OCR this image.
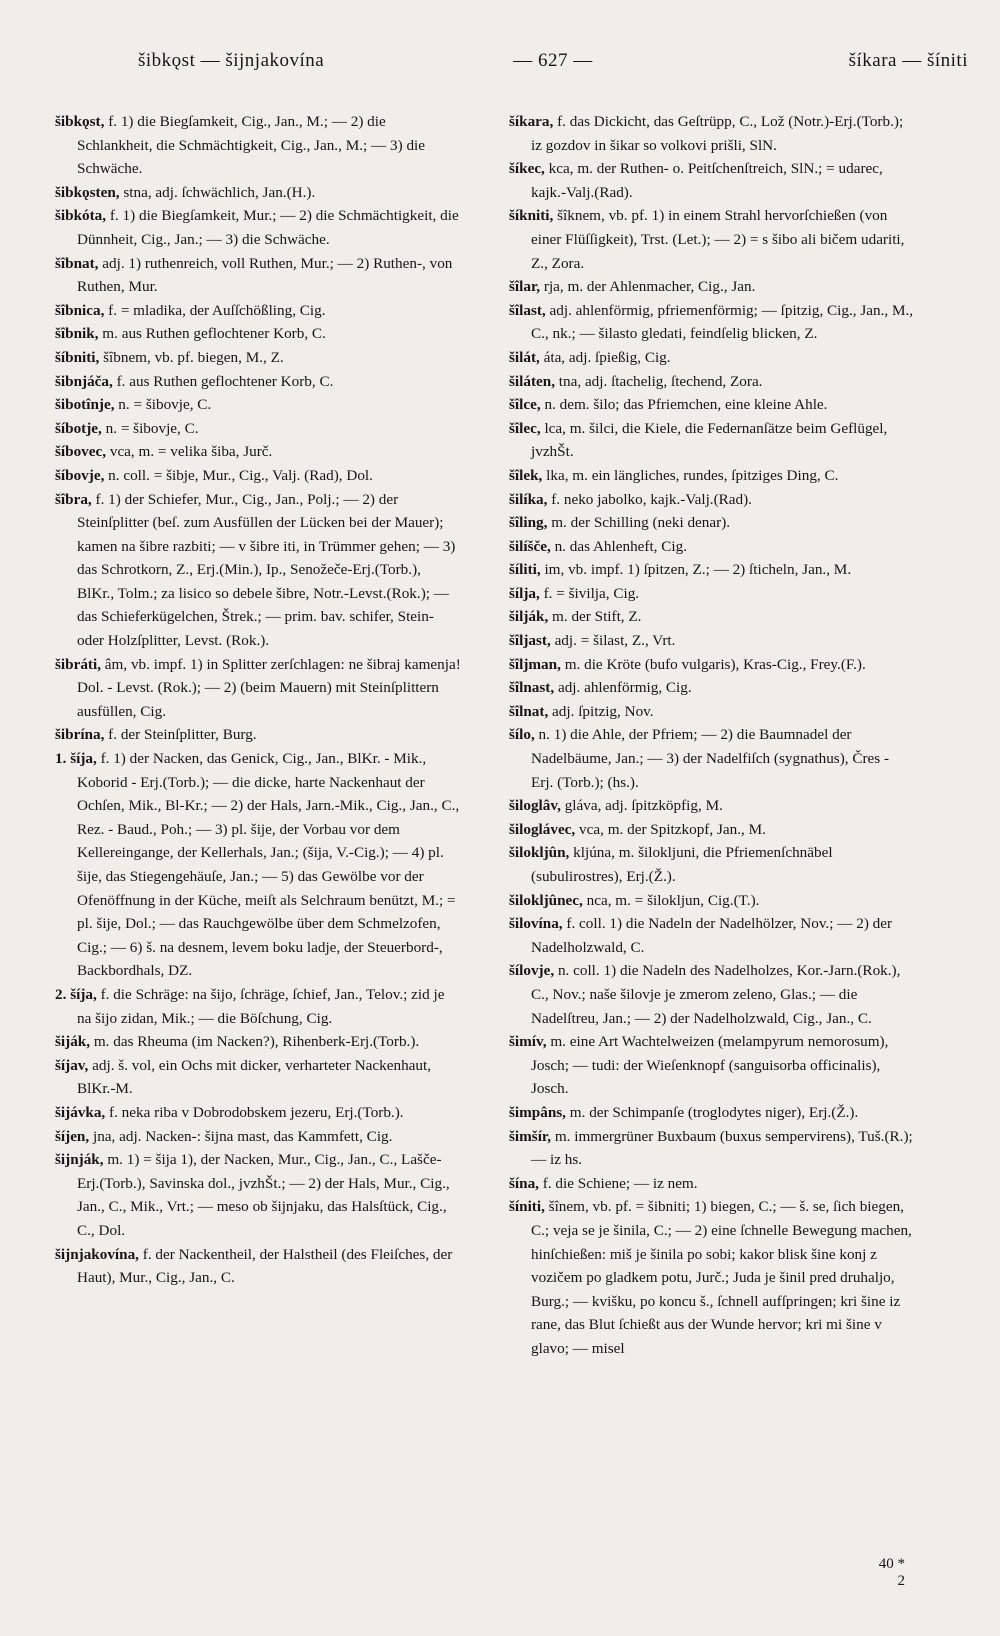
šibkǫst — šijnjakovína	— 627 —	šíkara — šíniti

šibkǫst, f. 1) die Biegſamkeit, Cig., Jan., M.; — 2) die Schlankheit, die Schmächtigkeit, Cig., Jan., M.; — 3) die Schwäche.

šibkǫsten, stna, adj. ſchwächlich, Jan.(H.).

šibkóta, f. 1) die Biegſamkeit, Mur.; — 2) die Schmächtigkeit, die Dünnheit, Cig., Jan.; — 3) die Schwäche.

šîbnat, adj. 1) ruthenreich, voll Ruthen, Mur.; — 2) Ruthen-, von Ruthen, Mur.

šîbnica, f. = mladika, der Auſſchößling, Cig.

šîbnik, m. aus Ruthen geflochtener Korb, C.

šíbniti, šîbnem, vb. pf. biegen, M., Z.

šibnjáča, f. aus Ruthen geflochtener Korb, C.

šibotînje, n. = šibovje, C.

šíbotje, n. = šibovje, C.

šíbovec, vca, m. = velika šiba, Jurč.

šíbovje, n. coll. = šibje, Mur., Cig., Valj. (Rad), Dol.

šîbra, f. 1) der Schiefer, Mur., Cig., Jan., Polj.; — 2) der Steinſplitter (beſ. zum Ausfüllen der Lücken bei der Mauer); kamen na šibre razbiti; — v šibre iti, in Trümmer gehen; — 3) das Schrotkorn, Z., Erj.(Min.), Ip., Senožeče-Erj.(Torb.), BlKr., Tolm.; za lisico so debele šibre, Notr.-Levst.(Rok.); — das Schieferkügelchen, Štrek.; — prim. bav. schifer, Stein- oder Holzſplitter, Levst. (Rok.).

šibráti, âm, vb. impf. 1) in Splitter zerſchlagen: ne šibraj kamenja! Dol. - Levst. (Rok.); — 2) (beim Mauern) mit Steinſplittern ausfüllen, Cig.

šibrína, f. der Steinſplitter, Burg.

1. šíja, f. 1) der Nacken, das Genick, Cig., Jan., BlKr. - Mik., Koborid - Erj.(Torb.); — die dicke, harte Nackenhaut der Ochſen, Mik., Bl-Kr.; — 2) der Hals, Jarn.-Mik., Cig., Jan., C., Rez. - Baud., Poh.; — 3) pl. šije, der Vorbau vor dem Kellereingange, der Kellerhals, Jan.; (šija, V.-Cig.); — 4) pl. šije, das Stiegengehäuſe, Jan.; — 5) das Gewölbe vor der Ofenöffnung in der Küche, meiſt als Selchraum benützt, M.; = pl. šije, Dol.; — das Rauchgewölbe über dem Schmelzofen, Cig.; — 6) š. na desnem, levem boku ladje, der Steuerbord-, Backbordhals, DZ.

2. šíja, f. die Schräge: na šijo, ſchräge, ſchief, Jan., Telov.; zid je na šijo zidan, Mik.; — die Böſchung, Cig.

šiják, m. das Rheuma (im Nacken?), Rihenberk-Erj.(Torb.).

šíjav, adj. š. vol, ein Ochs mit dicker, verharteter Nackenhaut, BlKr.-M.

šijávka, f. neka riba v Dobrodobskem jezeru, Erj.(Torb.).

šíjen, jna, adj. Nacken-: šijna mast, das Kammfett, Cig.

šijnják, m. 1) = šija 1), der Nacken, Mur., Cig., Jan., C., Lašče-Erj.(Torb.), Savinska dol., jvzhŠt.; — 2) der Hals, Mur., Cig., Jan., C., Mik., Vrt.; — meso ob šijnjaku, das Halsſtück, Cig., C., Dol.

šijnjakovína, f. der Nackentheil, der Halstheil (des Fleiſches, der Haut), Mur., Cig., Jan., C.

šíkara, f. das Dickicht, das Geſtrüpp, C., Lož (Notr.)-Erj.(Torb.); iz gozdov in šikar so volkovi prišli, SlN.

šíkec, kca, m. der Ruthen- o. Peitſchenſtreich, SlN.; = udarec, kajk.-Valj.(Rad).

šíkniti, šîknem, vb. pf. 1) in einem Strahl hervorſchießen (von einer Flüſſigkeit), Trst. (Let.); — 2) = s šibo ali bičem udariti, Z., Zora.

šîlar, rja, m. der Ahlenmacher, Cig., Jan.

šîlast, adj. ahlenförmig, pfriemenförmig; — ſpitzig, Cig., Jan., M., C., nk.; — šilasto gledati, feindſelig blicken, Z.

šilát, áta, adj. ſpießig, Cig.

šiláten, tna, adj. ſtachelig, ſtechend, Zora.

šîlce, n. dem. šilo; das Pfriemchen, eine kleine Ahle.

šîlec, lca, m. šilci, die Kiele, die Federnanſätze beim Geflügel, jvzhŠt.

šîlek, lka, m. ein längliches, rundes, ſpitziges Ding, C.

šilíka, f. neko jabolko, kajk.-Valj.(Rad).

šîling, m. der Schilling (neki denar).

šilíšče, n. das Ahlenheft, Cig.

šíliti, im, vb. impf. 1) ſpitzen, Z.; — 2) ſticheln, Jan., M.

šílja, f. = šivilja, Cig.

šilják, m. der Stift, Z.

šîljast, adj. = šilast, Z., Vrt.

šîljman, m. die Kröte (bufo vulgaris), Kras-Cig., Frey.(F.).

šîlnast, adj. ahlenförmig, Cig.

šîlnat, adj. ſpitzig, Nov.

šílo, n. 1) die Ahle, der Pfriem; — 2) die Baumnadel der Nadelbäume, Jan.; — 3) der Nadelfiſch (sygnathus), Čres - Erj. (Torb.); (hs.).

šiloglâv, gláva, adj. ſpitzköpfig, M.

šiloglávec, vca, m. der Spitzkopf, Jan., M.

šilokljûn, kljúna, m. šilokljuni, die Pfriemenſchnäbel (subulirostres), Erj.(Ž.).

šilokljûnec, nca, m. = šilokljun, Cig.(T.).

šilovína, f. coll. 1) die Nadeln der Nadelhölzer, Nov.; — 2) der Nadelholzwald, C.

šílovje, n. coll. 1) die Nadeln des Nadelholzes, Kor.-Jarn.(Rok.), C., Nov.; naše šilovje je zmerom zeleno, Glas.; — die Nadelſtreu, Jan.; — 2) der Nadelholzwald, Cig., Jan., C.

šimív, m. eine Art Wachtelweizen (melampyrum nemorosum), Josch; — tudi: der Wieſenknopf (sanguisorba officinalis), Josch.

šimpâns, m. der Schimpanſe (troglodytes niger), Erj.(Ž.).

šimšír, m. immergrüner Buxbaum (buxus sempervirens), Tuš.(R.); — iz hs.

šína, f. die Schiene; — iz nem.

šíniti, šînem, vb. pf. = šibniti; 1) biegen, C.; — š. se, ſich biegen, C.; veja se je šinila, C.; — 2) eine ſchnelle Bewegung machen, hinſchießen: miš je šinila po sobi; kakor blisk šine konj z vozičem po gladkem potu, Jurč.; Juda je šinil pred druhaljo, Burg.; — kvišku, po koncu š., ſchnell aufſpringen; kri šine iz rane, das Blut ſchießt aus der Wunde hervor; kri mi šine v glavo; — misel

40 *
2
